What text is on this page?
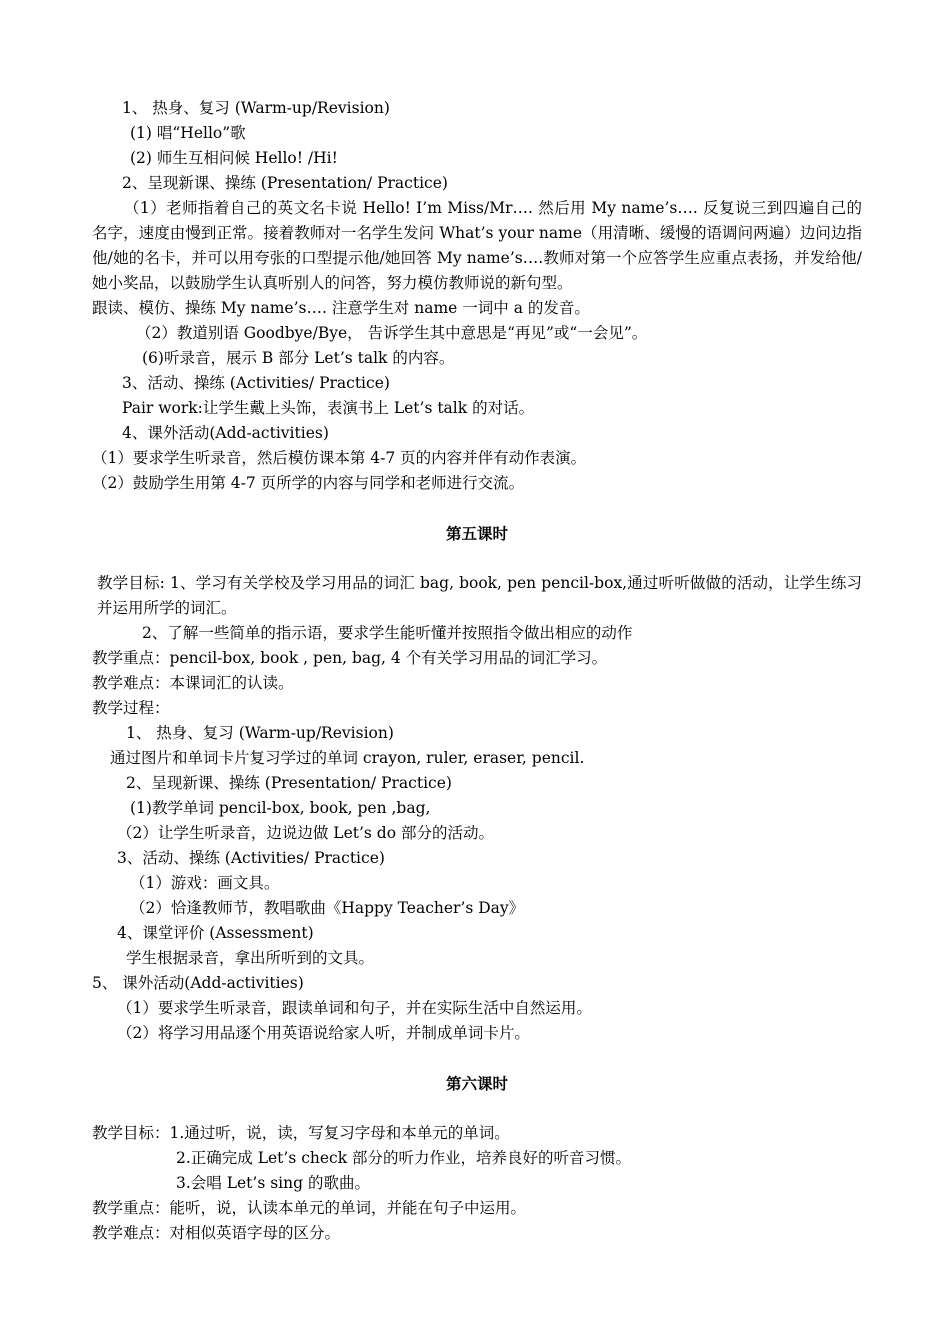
1、 热身、复习 (Warm-up/Revision)
(1) 唱“Hello”歌
(2) 师生互相问候 Hello! /Hi!
2、呈现新课、操练 (Presentation/ Practice)
（1）老师指着自己的英文名卡说 Hello! I’m Miss/Mr…. 然后用 My name’s…. 反复说三到四遍自己的名字，速度由慢到正常。接着教师对一名学生发问 What’s your name（用清晰、缓慢的语调问两遍）边问边指他/她的名卡，并可以用夸张的口型提示他/她回答 My name’s….教师对第一个应答学生应重点表扬，并发给他/她小奖品，以鼓励学生认真听别人的问答，努力模仿教师说的新句型。
跟读、模仿、操练 My name’s…. 注意学生对 name 一词中 a 的发音。
（2）教道别语 Goodbye/Bye， 告诉学生其中意思是“再见”或“一会见”。
(6)听录音，展示 B 部分 Let’s talk 的内容。
3、活动、操练 (Activities/ Practice)
Pair work:让学生戴上头饰，表演书上 Let’s talk 的对话。
4、课外活动(Add-activities)
（1）要求学生听录音，然后模仿课本第 4-7 页的内容并伴有动作表演。
（2）鼓励学生用第 4-7 页所学的内容与同学和老师进行交流。
第五课时
教学目标: 1、学习有关学校及学习用品的词汇 bag, book, pen pencil-box,通过听听做做的活动，让学生练习并运用所学的词汇。
2、了解一些简单的指示语，要求学生能听懂并按照指令做出相应的动作
教学重点：pencil-box, book , pen, bag, 4 个有关学习用品的词汇学习。
教学难点：本课词汇的认读。
教学过程：
1、 热身、复习 (Warm-up/Revision)
通过图片和单词卡片复习学过的单词 crayon, ruler, eraser, pencil.
2、呈现新课、操练 (Presentation/ Practice)
(1)教学单词 pencil-box, book, pen ,bag,
（2）让学生听录音，边说边做 Let’s do 部分的活动。
3、活动、操练 (Activities/ Practice)
（1）游戏：画文具。
（2）恰逢教师节，教唱歌曲《Happy Teacher’s Day》
4、课堂评价 (Assessment)
学生根据录音，拿出所听到的文具。
5、 课外活动(Add-activities)
（1）要求学生听录音，跟读单词和句子，并在实际生活中自然运用。
（2）将学习用品逐个用英语说给家人听，并制成单词卡片。
第六课时
教学目标：1.通过听，说，读，写复习字母和本单元的单词。
2.正确完成 Let’s check 部分的听力作业，培养良好的听音习惯。
3.会唱 Let’s sing 的歌曲。
教学重点：能听，说，认读本单元的单词，并能在句子中运用。
教学难点：对相似英语字母的区分。
